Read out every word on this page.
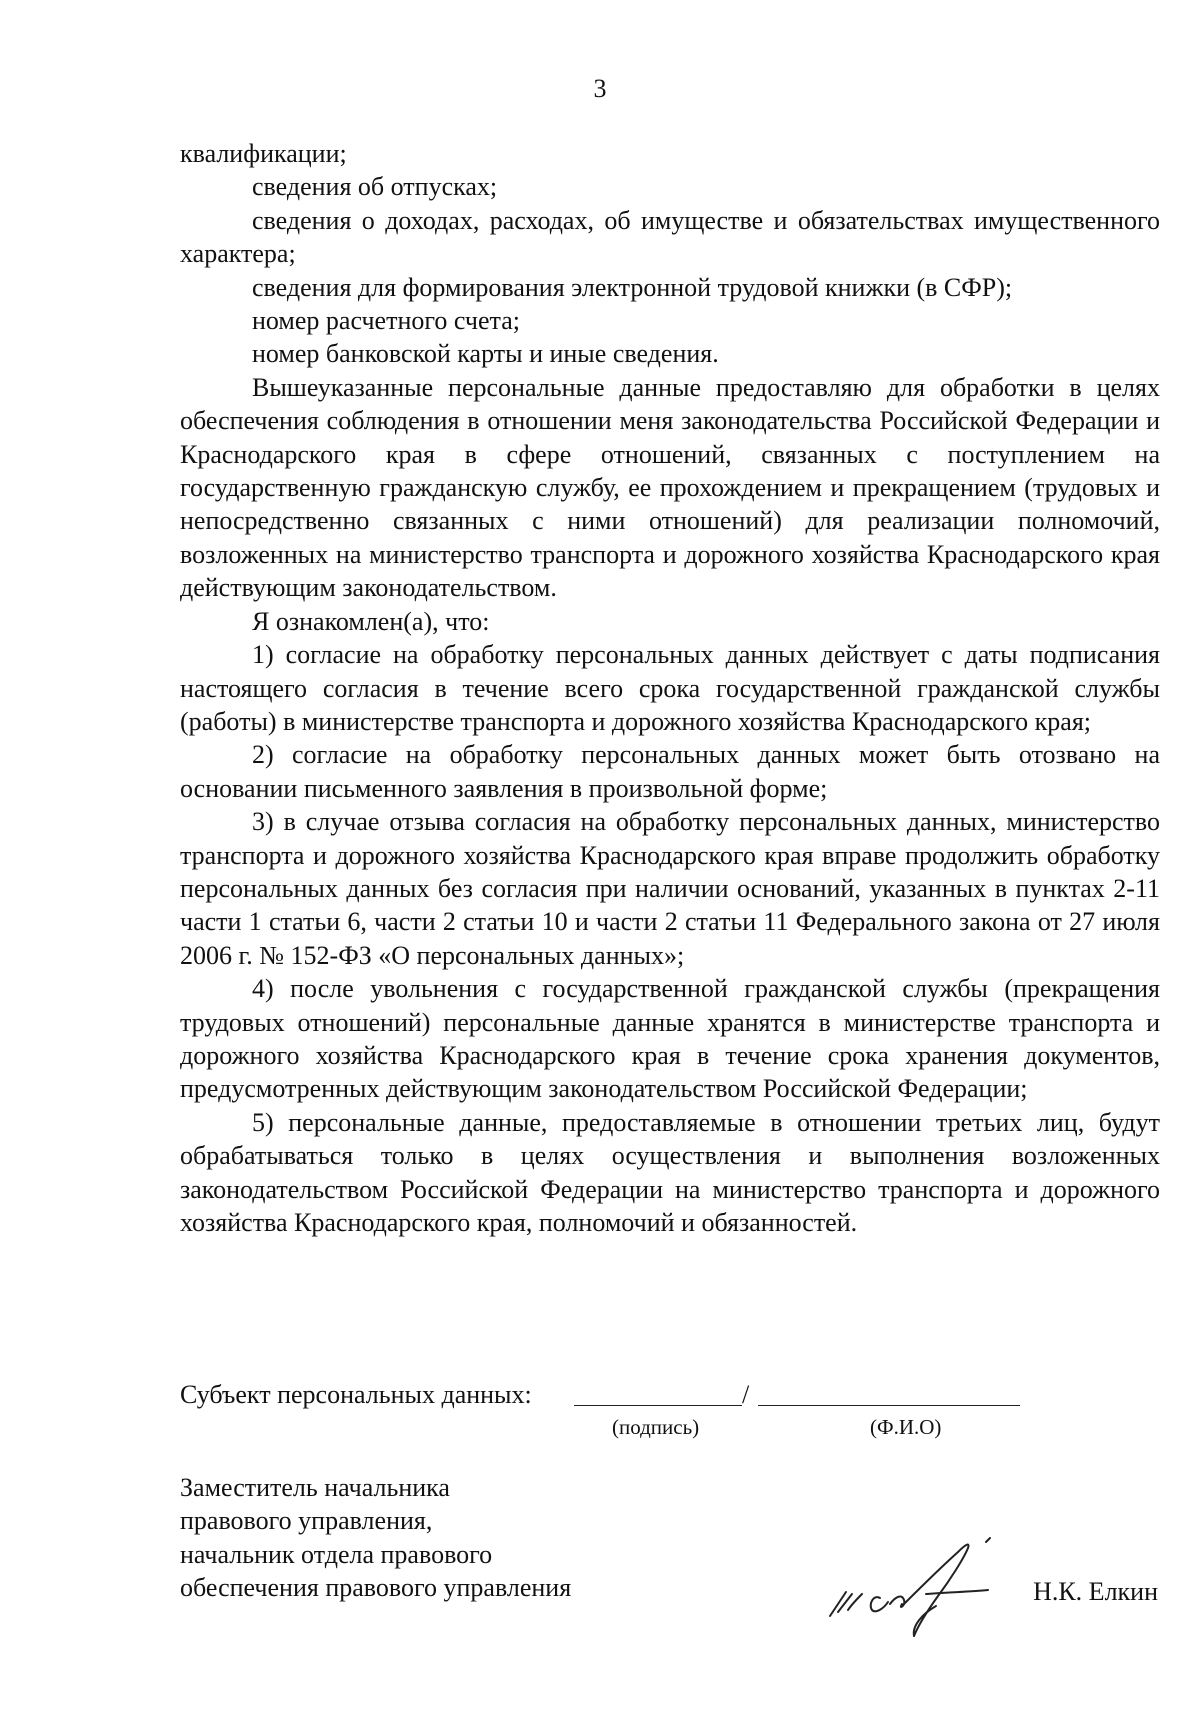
3

квалификации;

сведения об отпусках;

сведения о доходах, расходах, об имуществе и обязательствах имущественного характера;

сведения для формирования электронной трудовой книжки (в СФР);

номер расчетного счета;

номер банковской карты и иные сведения.

Вышеуказанные персональные данные предоставляю для обработки в целях обеспечения соблюдения в отношении меня законодательства Российской Федерации и Краснодарского края в сфере отношений, связанных с поступлением на государственную гражданскую службу, ее прохождением и прекращением (трудовых и непосредственно связанных с ними отношений) для реализации полномочий, возложенных на министерство транспорта и дорожного хозяйства Краснодарского края действующим законодательством.

Я ознакомлен(а), что:

1) согласие на обработку персональных данных действует с даты подписания настоящего согласия в течение всего срока государственной гражданской службы (работы) в министерстве транспорта и дорожного хозяйства Краснодарского края;

2) согласие на обработку персональных данных может быть отозвано на основании письменного заявления в произвольной форме;

3) в случае отзыва согласия на обработку персональных данных, министерство транспорта и дорожного хозяйства Краснодарского края вправе продолжить обработку персональных данных без согласия при наличии оснований, указанных в пунктах 2-11 части 1 статьи 6, части 2 статьи 10 и части 2 статьи 11 Федерального закона от 27 июля 2006 г. № 152-ФЗ «О персональных данных»;

4) после увольнения с государственной гражданской службы (прекращения трудовых отношений) персональные данные хранятся в министерстве транспорта и дорожного хозяйства Краснодарского края в течение срока хранения документов, предусмотренных действующим законодательством Российской Федерации;

5) персональные данные, предоставляемые в отношении третьих лиц, будут обрабатываться только в целях осуществления и выполнения возложенных законодательством Российской Федерации на министерство транспорта и дорожного хозяйства Краснодарского края, полномочий и обязанностей.

Субъект персональных данных:	/
(подпись)	(Ф.И.О)
Заместитель начальника
правового управления,
начальник отдела правового
обеспечения правового управления	Н.К. Елкин
